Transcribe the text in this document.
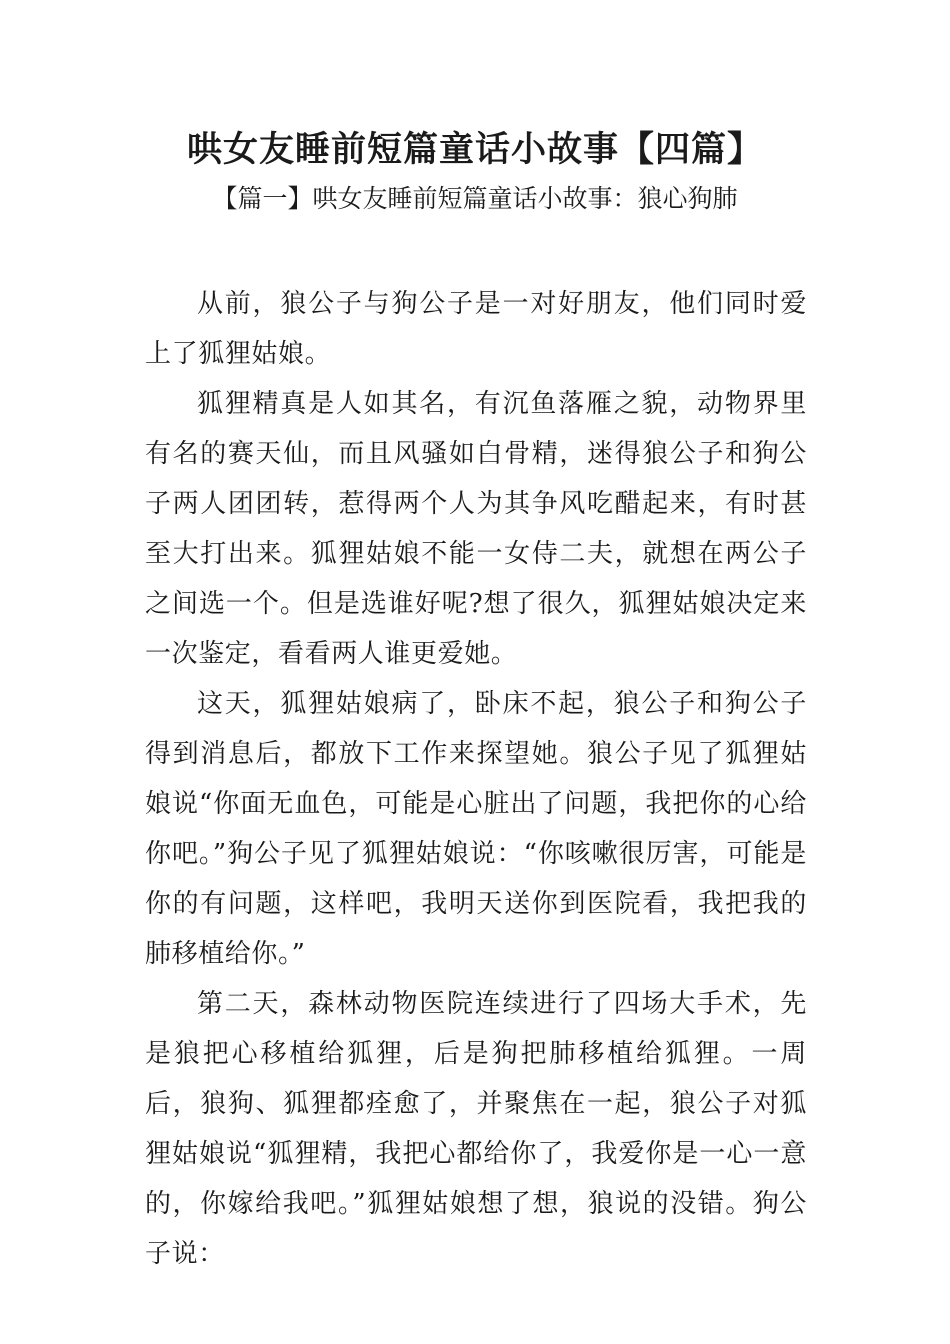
哄女友睡前短篇童话小故事【四篇】
【篇一】哄女友睡前短篇童话小故事：狼心狗肺

从前，狼公子与狗公子是一对好朋友，他们同时爱上了狐狸姑娘。

狐狸精真是人如其名，有沉鱼落雁之貌，动物界里有名的赛天仙，而且风骚如白骨精，迷得狼公子和狗公子两人团团转，惹得两个人为其争风吃醋起来，有时甚至大打出来。狐狸姑娘不能一女侍二夫，就想在两公子之间选一个。但是选谁好呢?想了很久，狐狸姑娘决定来一次鉴定，看看两人谁更爱她。

这天，狐狸姑娘病了，卧床不起，狼公子和狗公子得到消息后，都放下工作来探望她。狼公子见了狐狸姑娘说“你面无血色，可能是心脏出了问题，我把你的心给你吧。”狗公子见了狐狸姑娘说：“你咳嗽很厉害，可能是你的有问题，这样吧，我明天送你到医院看，我把我的肺移植给你。”

第二天，森林动物医院连续进行了四场大手术，先是狼把心移植给狐狸，后是狗把肺移植给狐狸。一周后，狼狗、狐狸都痊愈了，并聚焦在一起，狼公子对狐狸姑娘说“狐狸精，我把心都给你了，我爱你是一心一意的，你嫁给我吧。”狐狸姑娘想了想，狼说的没错。狗公子说：
